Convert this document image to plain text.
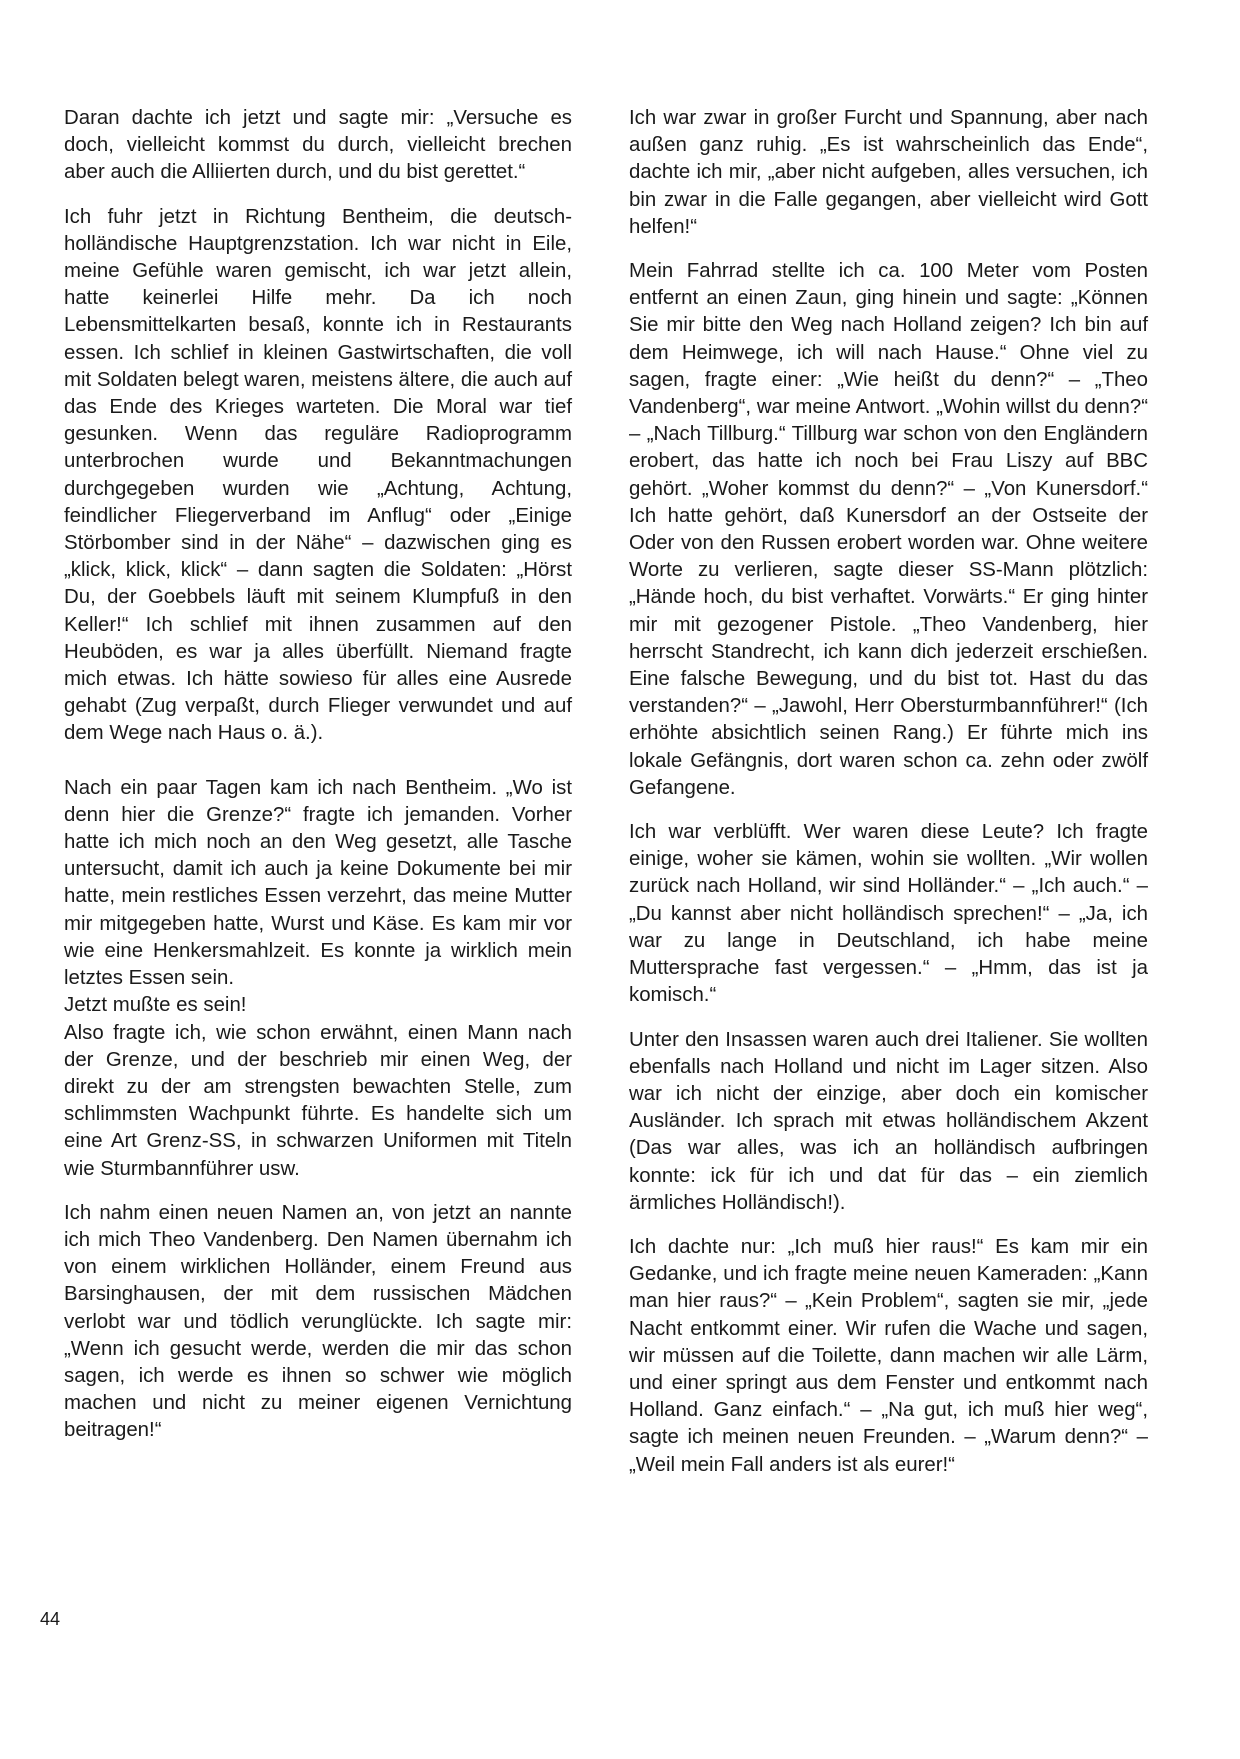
Daran dachte ich jetzt und sagte mir: „Versuche es doch, vielleicht kommst du durch, vielleicht brechen aber auch die Alliierten durch, und du bist gerettet.“

Ich fuhr jetzt in Richtung Bentheim, die deutsch-holländische Hauptgrenzstation. Ich war nicht in Eile, meine Gefühle waren gemischt, ich war jetzt allein, hatte keinerlei Hilfe mehr. Da ich noch Lebensmittelkarten besaß, konnte ich in Restaurants essen. Ich schlief in kleinen Gastwirtschaften, die voll mit Soldaten belegt waren, meistens ältere, die auch auf das Ende des Krieges warteten. Die Moral war tief gesunken. Wenn das reguläre Radioprogramm unterbrochen wurde und Bekanntmachungen durchgegeben wurden wie „Achtung, Achtung, feindlicher Fliegerverband im Anflug“ oder „Einige Störbomber sind in der Nähe“ – dazwischen ging es „klick, klick, klick“ – dann sagten die Soldaten: „Hörst Du, der Goebbels läuft mit seinem Klumpfuß in den Keller!“ Ich schlief mit ihnen zusammen auf den Heuböden, es war ja alles überfüllt. Niemand fragte mich etwas. Ich hätte sowieso für alles eine Ausrede gehabt (Zug verpaßt, durch Flieger verwundet und auf dem Wege nach Haus o. ä.).

Nach ein paar Tagen kam ich nach Bentheim. „Wo ist denn hier die Grenze?“ fragte ich jemanden. Vorher hatte ich mich noch an den Weg gesetzt, alle Tasche untersucht, damit ich auch ja keine Dokumente bei mir hatte, mein restliches Essen verzehrt, das meine Mutter mir mitgegeben hatte, Wurst und Käse. Es kam mir vor wie eine Henkersmahlzeit. Es konnte ja wirklich mein letztes Essen sein.

Jetzt mußte es sein!

Also fragte ich, wie schon erwähnt, einen Mann nach der Grenze, und der beschrieb mir einen Weg, der direkt zu der am strengsten bewachten Stelle, zum schlimmsten Wachpunkt führte. Es handelte sich um eine Art Grenz-SS, in schwarzen Uniformen mit Titeln wie Sturmbannführer usw.

Ich nahm einen neuen Namen an, von jetzt an nannte ich mich Theo Vandenberg. Den Namen übernahm ich von einem wirklichen Holländer, einem Freund aus Barsinghausen, der mit dem russischen Mädchen verlobt war und tödlich verunglückte. Ich sagte mir: „Wenn ich gesucht werde, werden die mir das schon sagen, ich werde es ihnen so schwer wie möglich machen und nicht zu meiner eigenen Vernichtung beitragen!“

Ich war zwar in großer Furcht und Spannung, aber nach außen ganz ruhig. „Es ist wahrscheinlich das Ende“, dachte ich mir, „aber nicht aufgeben, alles versuchen, ich bin zwar in die Falle gegangen, aber vielleicht wird Gott helfen!“

Mein Fahrrad stellte ich ca. 100 Meter vom Posten entfernt an einen Zaun, ging hinein und sagte: „Können Sie mir bitte den Weg nach Holland zeigen? Ich bin auf dem Heimwege, ich will nach Hause.“ Ohne viel zu sagen, fragte einer: „Wie heißt du denn?“ – „Theo Vandenberg“, war meine Antwort. „Wohin willst du denn?“ – „Nach Tillburg.“ Tillburg war schon von den Engländern erobert, das hatte ich noch bei Frau Liszy auf BBC gehört. „Woher kommst du denn?“ – „Von Kunersdorf.“ Ich hatte gehört, daß Kunersdorf an der Ostseite der Oder von den Russen erobert worden war. Ohne weitere Worte zu verlieren, sagte dieser SS-Mann plötzlich: „Hände hoch, du bist verhaftet. Vorwärts.“ Er ging hinter mir mit gezogener Pistole. „Theo Vandenberg, hier herrscht Standrecht, ich kann dich jederzeit erschießen. Eine falsche Bewegung, und du bist tot. Hast du das verstanden?“ – „Jawohl, Herr Obersturmbannführer!“ (Ich erhöhte absichtlich seinen Rang.) Er führte mich ins lokale Gefängnis, dort waren schon ca. zehn oder zwölf Gefangene.

Ich war verblüfft. Wer waren diese Leute? Ich fragte einige, woher sie kämen, wohin sie wollten. „Wir wollen zurück nach Holland, wir sind Holländer.“ – „Ich auch.“ – „Du kannst aber nicht holländisch sprechen!“ – „Ja, ich war zu lange in Deutschland, ich habe meine Muttersprache fast vergessen.“ – „Hmm, das ist ja komisch.“

Unter den Insassen waren auch drei Italiener. Sie wollten ebenfalls nach Holland und nicht im Lager sitzen. Also war ich nicht der einzige, aber doch ein komischer Ausländer. Ich sprach mit etwas holländischem Akzent (Das war alles, was ich an holländisch aufbringen konnte: ick für ich und dat für das – ein ziemlich ärmliches Holländisch!).

Ich dachte nur: „Ich muß hier raus!“ Es kam mir ein Gedanke, und ich fragte meine neuen Kameraden: „Kann man hier raus?“ – „Kein Problem“, sagten sie mir, „jede Nacht entkommt einer. Wir rufen die Wache und sagen, wir müssen auf die Toilette, dann machen wir alle Lärm, und einer springt aus dem Fenster und entkommt nach Holland. Ganz einfach.“ – „Na gut, ich muß hier weg“, sagte ich meinen neuen Freunden. – „Warum denn?“ – „Weil mein Fall anders ist als eurer!“

44
